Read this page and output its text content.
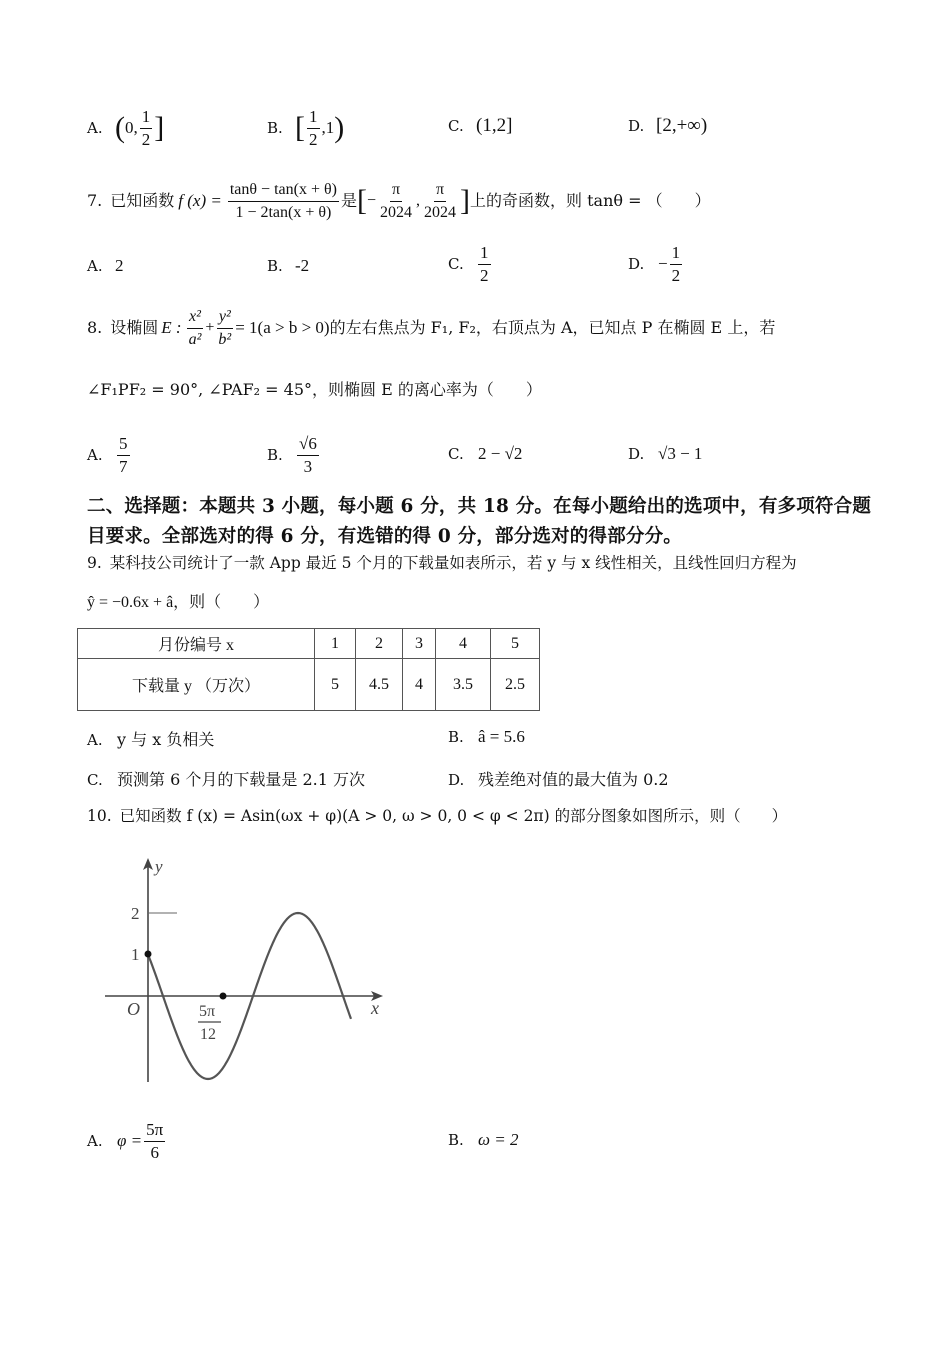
A. ( 0, $\frac{1}{2}$ ]	B. [ $\frac{1}{2} ,1$ )	C. (1,2]	D. [2,+∞)
7. 已知函数 f $(x) = \frac{\tan\theta - \tan(x + \theta)}{1 - 2\tan(x + \theta)}$ 是 [ − $\frac{\pi}{2024}$ , $\frac{\pi}{2024}$ ] 上的奇函数，则 tanθ = （　　）
A. 2	B. -2	C. $\frac{1}{2}$	D. − $\frac{1}{2}$
8. 设椭圆 E : $\frac{\text{x²}}{\text{a²}} + \frac{\text{y²}}{\text{b²}} = 1(a > b > 0)$ 的左右焦点为 F₁, F₂，右顶点为 A，已知点 P 在椭圆 E 上，若
∠F₁PF₂ = 90°, ∠PAF₂ = 45°，则椭圆 E 的离心率为（　　）
A. $\frac{5}{7}$	B. $\frac{√6}{3}$	C. 2 − √2	D. √3 − 1
二、选择题：本题共 3 小题，每小题 6 分，共 18 分。在每小题给出的选项中，有多项符合题
目要求。全部选对的得 6 分，有选错的得 0 分，部分选对的得部分分。
9. 某科技公司统计了一款 App 最近 5 个月的下载量如表所示，若 y 与 x 线性相关，且线性回归方程为
ŷ = −0.6x + â，则（　　）
月份编号 x	1	2	3	4	5
下载量 y （万次）	5	4.5	4	3.5	2.5
A. y 与 x 负相关	B. â = 5.6
C. 预测第 6 个月的下载量是 2.1 万次	D. 残差绝对值的最大值为 0.2
10. 已知函数 f (x) = Asin(ωx + φ)(A > 0, ω > 0, 0 < φ < 2π) 的部分图象如图所示，则（　　）
y
x
O
2
1
5π
12
A. $\varphi = \frac{5\pi}{6}$	B. ω = 2
